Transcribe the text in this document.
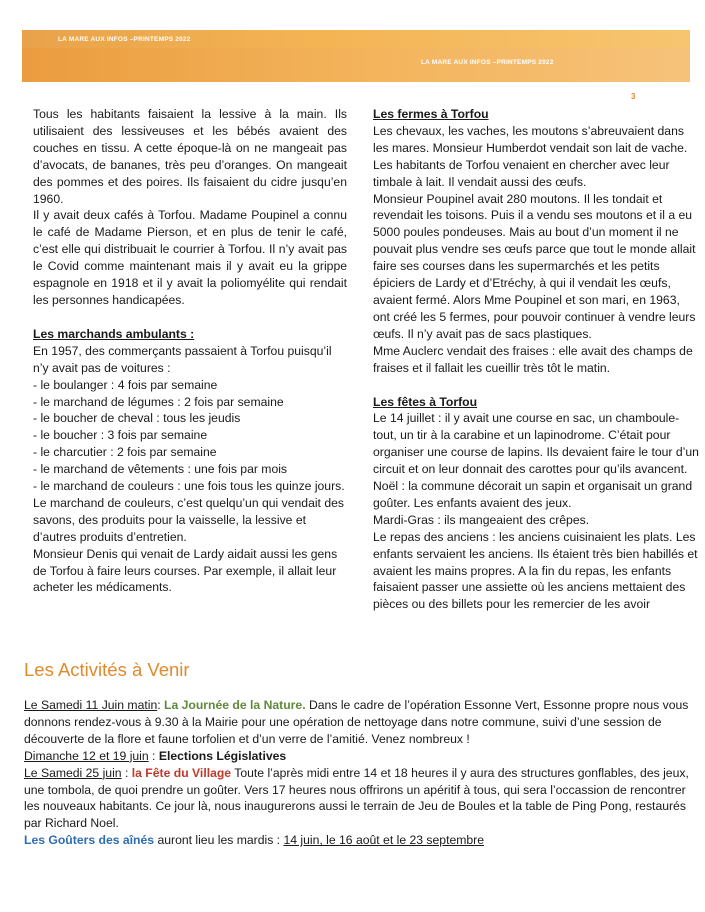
LA MARE AUX INFOS –PRINTEMPS 2022
LA MARE AUX INFOS –PRINTEMPS 2022
3

Tous les habitants faisaient la lessive à la main. Ils utilisaient des lessiveuses et les bébés avaient des couches en tissu. A cette époque-là on ne mangeait pas d’avocats, de bananes, très peu d’oranges. On mangeait des pommes et des poires. Ils faisaient du cidre jusqu’en 1960.

Il y avait deux cafés à Torfou. Madame Poupinel a connu le café de Madame Pierson, et en plus de tenir le café, c’est elle qui distribuait le courrier à Torfou. Il n’y avait pas le Covid comme maintenant mais il y avait eu la grippe espagnole en 1918 et il y avait la poliomyélite qui rendait les personnes handicapées.

Les marchands ambulants :

En 1957, des commerçants passaient à Torfou puisqu’il n’y avait pas de voitures :

- le boulanger : 4 fois par semaine

- le marchand de légumes : 2 fois par semaine

- le boucher de cheval : tous les jeudis

- le boucher : 3 fois par semaine

- le charcutier : 2 fois par semaine

- le marchand de vêtements : une fois par mois

- le marchand de couleurs : une fois tous les quinze jours.

Le marchand de couleurs, c’est quelqu’un qui vendait des savons, des produits pour la vaisselle, la lessive et d’autres produits d’entretien.

Monsieur Denis qui venait de Lardy aidait aussi les gens de Torfou à faire leurs courses. Par exemple, il allait leur acheter les médicaments.

Les fermes à Torfou

Les chevaux, les vaches, les moutons s’abreuvaient dans les mares. Monsieur Humberdot vendait son lait de vache. Les habitants de Torfou venaient en chercher avec leur timbale à lait. Il vendait aussi des œufs.

Monsieur Poupinel avait 280 moutons. Il les tondait et revendait les toisons. Puis il a vendu ses moutons et il a eu 5000 poules pondeuses. Mais au bout d’un moment il ne pouvait plus vendre ses œufs parce que tout le monde allait faire ses courses dans les supermarchés et les petits épiciers de Lardy et d’Etréchy, à qui il vendait les œufs, avaient fermé. Alors Mme Poupinel et son mari, en 1963, ont créé les 5 fermes, pour pouvoir continuer à vendre leurs œufs. Il n’y avait pas de sacs plastiques.

Mme Auclerc vendait des fraises : elle avait des champs de fraises et il fallait les cueillir très tôt le matin.

Les fêtes à Torfou

Le 14 juillet : il y avait une course en sac, un chamboule-tout, un tir à la carabine et un lapinodrome. C’était pour organiser une course de lapins. Ils devaient faire le tour d’un circuit et on leur donnait des carottes pour qu’ils avancent.

Noël : la commune décorait un sapin et organisait un grand goûter. Les enfants avaient des jeux.

Mardi-Gras : ils mangeaient des crêpes.

Le repas des anciens : les anciens cuisinaient les plats. Les enfants servaient les anciens. Ils étaient très bien habillés et avaient les mains propres. A la fin du repas, les enfants faisaient passer une assiette où les anciens mettaient des pièces ou des billets pour les remercier de les avoir

Les Activités à Venir

Le Samedi 11 Juin matin: La Journée de la Nature. Dans le cadre de l’opération Essonne Vert, Essonne propre nous vous donnons rendez-vous à 9.30 à la Mairie pour une opération de nettoyage dans notre commune, suivi d’une session de découverte de la flore et faune torfolien et d’un verre de l’amitié. Venez nombreux !

Dimanche 12 et 19 juin : Elections Législatives

Le Samedi 25 juin : la Fête du Village Toute l’après midi entre 14 et 18 heures il y aura des structures gonflables, des jeux, une tombola, de quoi prendre un goûter. Vers 17 heures nous offrirons un apéritif à tous, qui sera l’occassion de rencontrer les nouveaux habitants. Ce jour là, nous inaugurerons aussi le terrain de Jeu de Boules et la table de Ping Pong, restaurés par Richard Noel.

Les Goûters des aînés auront lieu les mardis : 14 juin, le 16 août et le 23 septembre
